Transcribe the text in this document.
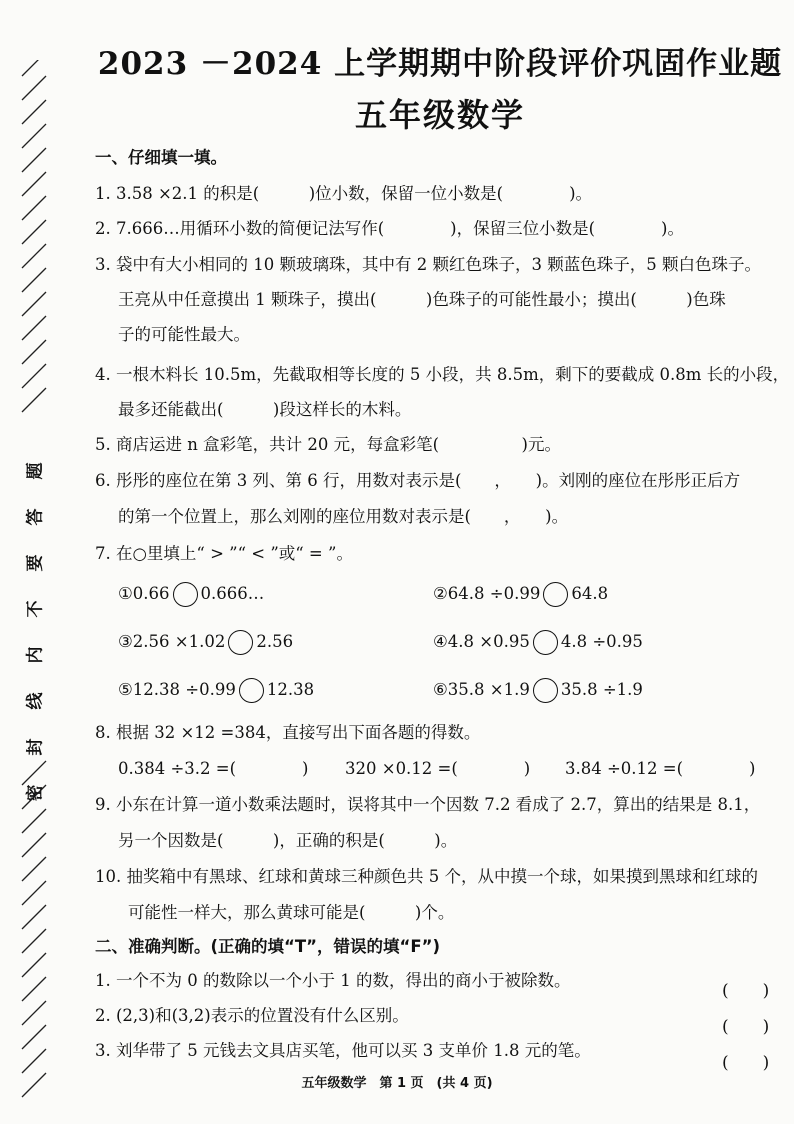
题
答
要
不
内
线
封
密
2023 －2024 上学期期中阶段评价巩固作业题
五年级数学
一、仔细填一填。
1. 3.58 ×2.1 的积是(　　　)位小数，保留一位小数是(　　　　)。
2. 7.666…用循环小数的简便记法写作(　　　　)，保留三位小数是(　　　　)。
3. 袋中有大小相同的 10 颗玻璃珠，其中有 2 颗红色珠子，3 颗蓝色珠子，5 颗白色珠子。
王亮从中任意摸出 1 颗珠子，摸出(　　　)色珠子的可能性最小；摸出(　　　)色珠
子的可能性最大。
4. 一根木料长 10.5m，先截取相等长度的 5 小段，共 8.5m，剩下的要截成 0.8m 长的小段，
最多还能截出(　　　)段这样长的木料。
5. 商店运进 n 盒彩笔，共计 20 元，每盒彩笔(　　　　　)元。
6. 彤彤的座位在第 3 列、第 6 行，用数对表示是(　　，　　)。刘刚的座位在彤彤正后方
的第一个位置上，那么刘刚的座位用数对表示是(　　，　　)。
7. 在○里填上“ > ”“ < ”或“ = ”。
①0.66 0.666…	②64.8 ÷0.99 64.8
③2.56 ×1.02 2.56	④4.8 ×0.95 4.8 ÷0.95
⑤12.38 ÷0.99 12.38	⑥35.8 ×1.9 35.8 ÷1.9
8. 根据 32 ×12 =384，直接写出下面各题的得数。
0.384 ÷3.2 =(　　　　) 320 ×0.12 =(　　　　) 3.84 ÷0.12 =(　　　　)
9. 小东在计算一道小数乘法题时，误将其中一个因数 7.2 看成了 2.7，算出的结果是 8.1，
另一个因数是(　　　)，正确的积是(　　　)。
10. 抽奖箱中有黑球、红球和黄球三种颜色共 5 个，从中摸一个球，如果摸到黑球和红球的
可能性一样大，那么黄球可能是(　　　)个。
二、准确判断。(正确的填“T”，错误的填“F”)
1. 一个不为 0 的数除以一个小于 1 的数，得出的商小于被除数。
(　　)
2. (2,3)和(3,2)表示的位置没有什么区别。
(　　)
3. 刘华带了 5 元钱去文具店买笔，他可以买 3 支单价 1.8 元的笔。
(　　)
五年级数学　第 1 页　(共 4 页)
